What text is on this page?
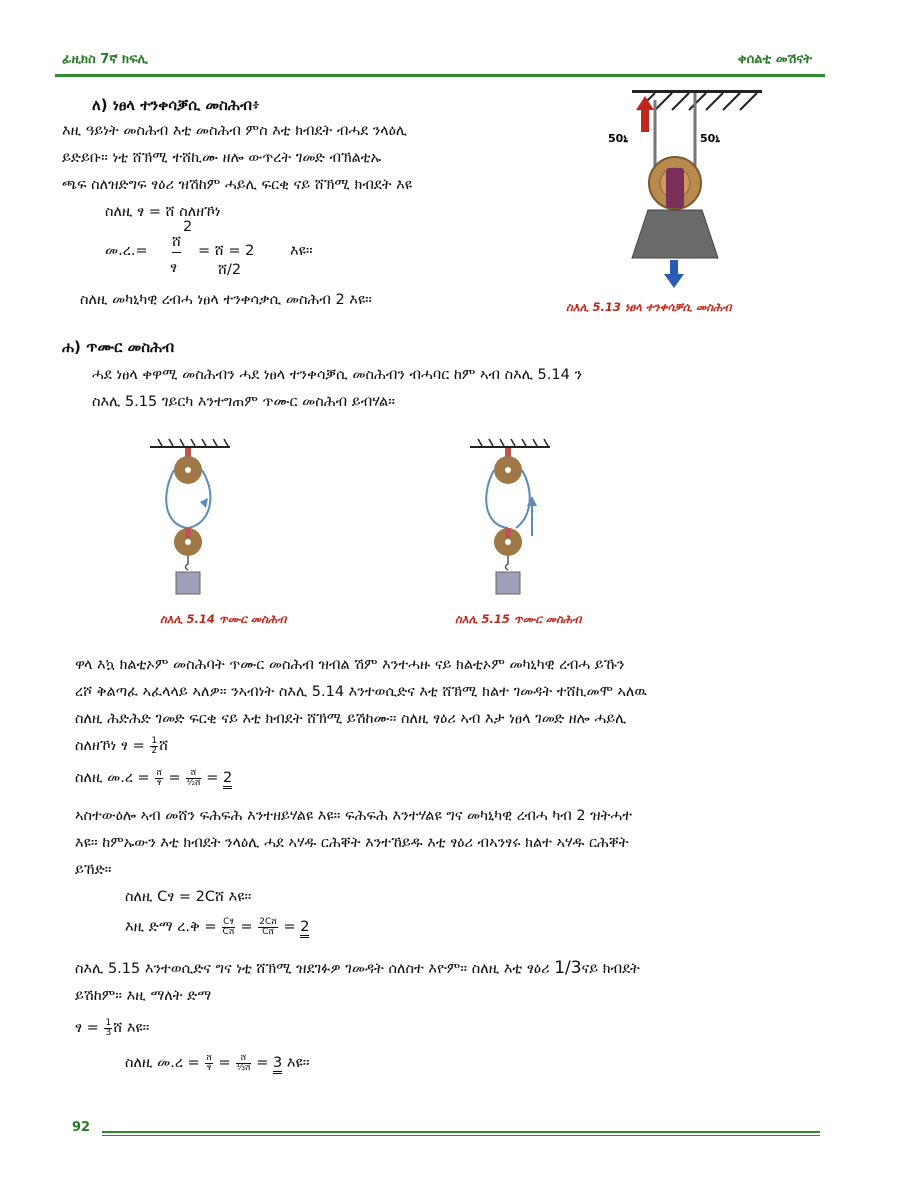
ፊዚክስ 7ኛ ክፍሊ	ቀሰልቲ መሽናት
ለ) ነፀላ ተንቀሳቓሲ መስሕብ፥
እዚ ዓይነት መስሕብ እቲ መስሕብ ምስ እቲ ክብደት ብሓደ ንላዕሊ
ይድይቡ። ነቲ ሸኽሚ ተሸኪሙ ዘሎ ውጥረት ገመድ ብኽልቲኡ
ጫፍ ስለዝድግፍ ፃዕሪ ዝሽከም ሓይሊ ፍርቂ ናይ ሸኽሚ ክብደት እዩ
ስለዚ ፃ = ሸ ስለዘኾነ
2
መ.ረ.=
ሸ
ፃ
= ሸ = 2
ሸ/2
እዩ።
ስለዚ መካኒካዊ ረብሓ ነፀላ ተንቀሳቃሲ መስሕብ 2 እዩ።
50ኒ	50ኒ
ስእሊ 5.13 ነፀላ ተንቀሳቓሲ መስሕብ
ሐ) ጥሙር መስሕብ
ሓደ ነፀላ ቀዋሚ መስሕብን ሓደ ነፀላ ተንቀሳቓሲ መስሕብን ብሓባር ከም ኣብ ስእሊ 5.14 ን
ስእሊ 5.15 ገይርካ እንተግጠም ጥሙር መስሕብ ይብሃል።
ስእሊ 5.14 ጥሙር መስሕብ	ስእሊ 5.15 ጥሙር መስሕብ
ዋላ እኳ ክልቲኦም መስሕባት ጥሙር መስሕብ ዝብል ሽም እንተሓዙ ናይ ክልቲኦም መካኒካዊ ረብሓ ይኹን
ረሾ ቅልጣፈ ኣፈላላይ ኣለዎ። ንኣብነት ስእሊ 5.14 እንተወሲድና እቲ ሸኽሚ ክልተ ገመዳት ተሸኪመሞ ኣለዉ
ስለዚ ሕድሕድ ገመድ ፍርቂ ናይ እቲ ክብደት ሸኽሚ ይሽከሙ። ስለዚ ፃዕሪ ኣብ እታ ነፀላ ገመድ ዘሎ ሓይሊ
ስለዘኾነ ፃ = $\frac{1}{2}$ ሸ
ስለዚ መ.ረ = $\frac{\text{ሸ}}{\text{ፃ}} = \frac{\text{ሸ}}{\text{½ሸ}} = 2$
ኣስተውዕሎ ኣብ መሸን ፍሕፍሕ እንተዘይሃልዩ እዩ። ፍሕፍሕ እንተሃልዩ ግና መካኒካዊ ረብሓ ካብ 2 ዝትሓተ
እዩ። ከምኡውን እቲ ክብደት ንላዕሊ ሓደ ኣሃዱ ርሕቐት እንተኸይዱ እቲ ፃዕሪ ብኣንፃሩ ክልተ ኣሃዱ ርሕቐት
ይኸድ።
ስለዚ Cፃ = 2Cሸ እዩ።
እዚ ድማ ረ.ቅ = $\frac{\text{Cፃ}}{\text{Cሸ}} = \frac{\text{2Cሸ}}{\text{Cሸ}} = 2$
ስእሊ 5.15 እንተወሲድና ግና ነቲ ሸኽሚ ዝደገፉዎ ገመዳት ሰለስተ እዮም። ስለዚ እቲ ፃዕሪ 1/3ናይ ክብደት
ይሽከም። እዚ ማለት ድማ
ፃ = $\frac{1}{3}$ ሸ እዩ።
ስለዚ መ.ረ = $\frac{\text{ሸ}}{\text{ፃ}} = \frac{\text{ሸ}}{\text{⅓ሸ}} = 3$ እዩ።
92
